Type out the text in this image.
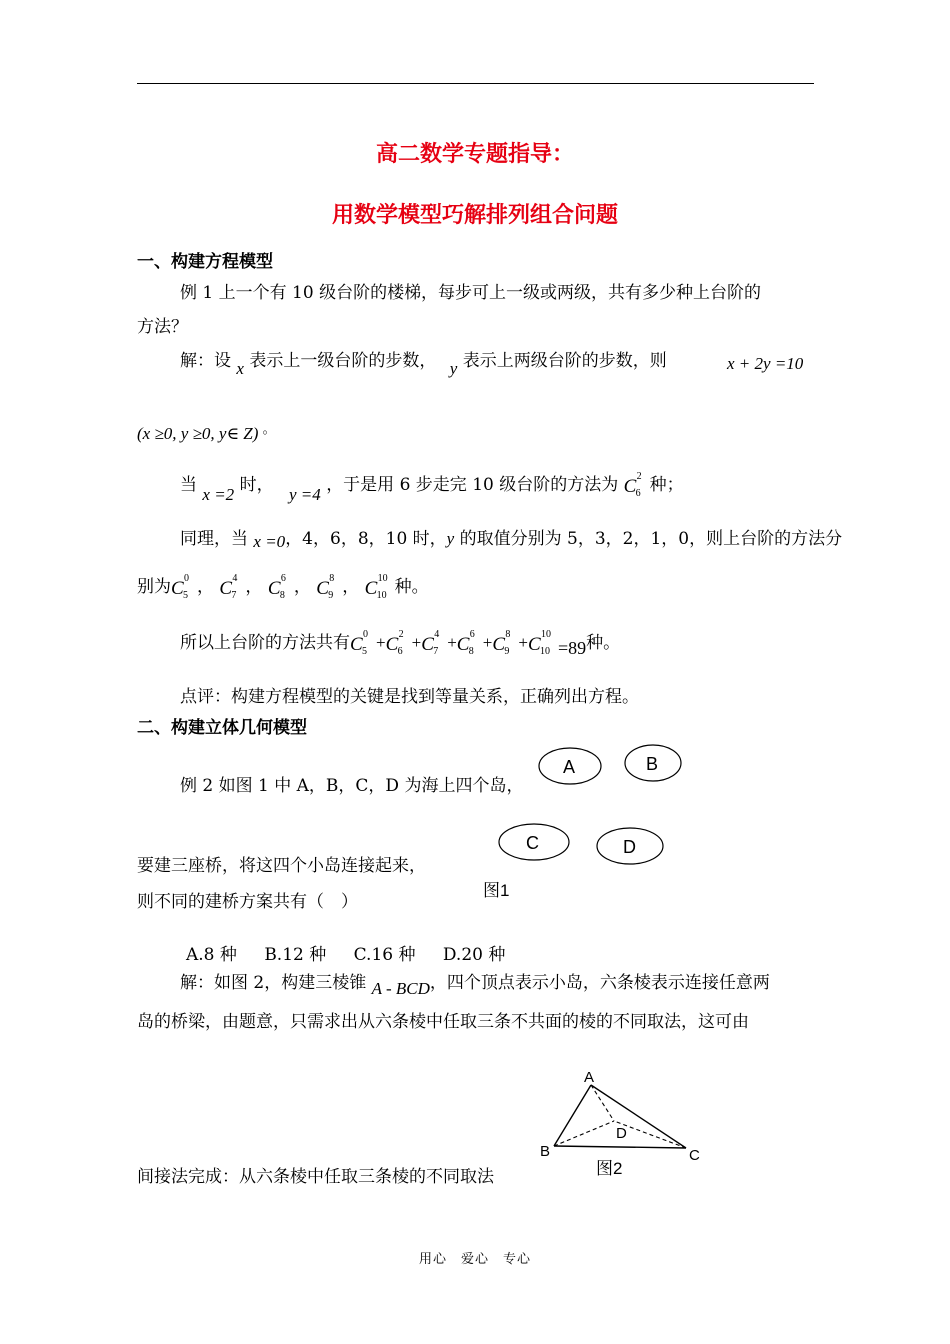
高二数学专题指导：
用数学模型巧解排列组合问题
一、构建方程模型
例 1 上一个有 10 级台阶的楼梯，每步可上一级或两级，共有多少种上台阶的
方法？
解：设 x 表示上一级台阶的步数， y 表示上两级台阶的步数，则	x + 2y =10
(x ≥0, y ≥0, y∈ Z) 。
当 x =2 时， y =4 ，于是用 6 步走完 10 级台阶的方法为 C 2
6 种；
同理，当 x =0，4，6，8，10 时，y 的取值分别为 5，3，2，1，0，则上台阶的方法分
别为 C 0
5 ， C 4
7 ， C 6
8 ， C 8
9 ， C 10
10 种。
所以上台阶的方法共有 C 0
5 + C 2
6 + C 4
7 + C 6
8 + C 8
9 + C 10
10 =89种。
点评：构建方程模型的关键是找到等量关系，正确列出方程。
二、构建立体几何模型
例 2 如图 1 中 A，B，C，D 为海上四个岛，
要建三座桥，将这四个小岛连接起来，
则不同的建桥方案共有（　）
A	B
C	D
图1
A.8 种 B.12 种 C.16 种 D.20 种
解：如图 2，构建三棱锥 A - BCD，四个顶点表示小岛，六条棱表示连接任意两
岛的桥梁，由题意，只需求出从六条棱中任取三条不共面的棱的不同取法，这可由
A
B	C
D
图2
间接法完成：从六条棱中任取三条棱的不同取法
用心　爱心　专心
